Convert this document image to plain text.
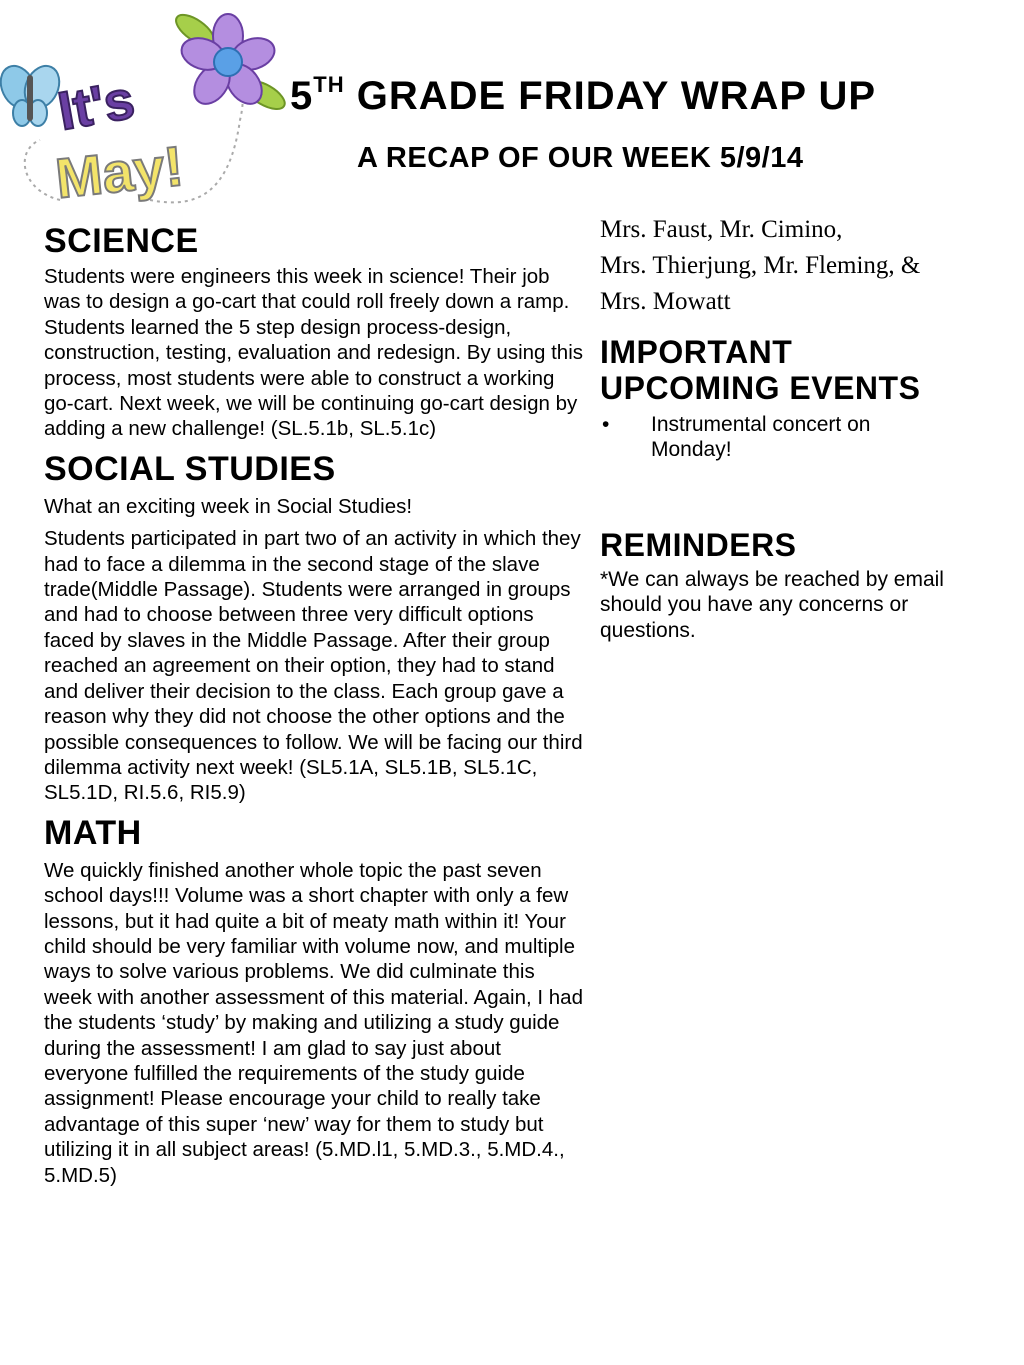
It's
May!
5TH GRADE FRIDAY WRAP UP
A RECAP OF OUR WEEK 5/9/14
SCIENCE

Students were engineers this week in science! Their job was to design a go-cart that could roll freely down a ramp. Students learned the 5 step design process-design, construction, testing, evaluation and redesign. By using this process, most students were able to construct a working go-cart. Next week, we will be continuing go-cart design by adding a new challenge! (SL.5.1b, SL.5.1c)

SOCIAL STUDIES

What an exciting week in Social Studies!

Students participated in part two of an activity in which they had to face a dilemma in the second stage of the slave trade(Middle Passage). Students were arranged in groups and had to choose between three very difficult options faced by slaves in the Middle Passage. After their group reached an agreement on their option, they had to stand and deliver their decision to the class. Each group gave a reason why they did not choose the other options and the possible consequences to follow. We will be facing our third dilemma activity next week! (SL5.1A, SL5.1B, SL5.1C, SL5.1D, RI.5.6, RI5.9)

MATH

We quickly finished another whole topic the past seven school days!!! Volume was a short chapter with only a few lessons, but it had quite a bit of meaty math within it! Your child should be very familiar with volume now, and multiple ways to solve various problems. We did culminate this week with another assessment of this material. Again, I had the students ‘study’ by making and utilizing a study guide during the assessment! I am glad to say just about everyone fulfilled the requirements of the study guide assignment! Please encourage your child to really take advantage of this super ‘new’ way for them to study but utilizing it in all subject areas! (5.MD.l1, 5.MD.3., 5.MD.4., 5.MD.5)

Mrs. Faust, Mr. Cimino,

Mrs. Thierjung, Mr. Fleming, &

Mrs. Mowatt

IMPORTANT
UPCOMING EVENTS
• Instrumental concert on Monday!
REMINDERS

*We can always be reached by email should you have any concerns or questions.
